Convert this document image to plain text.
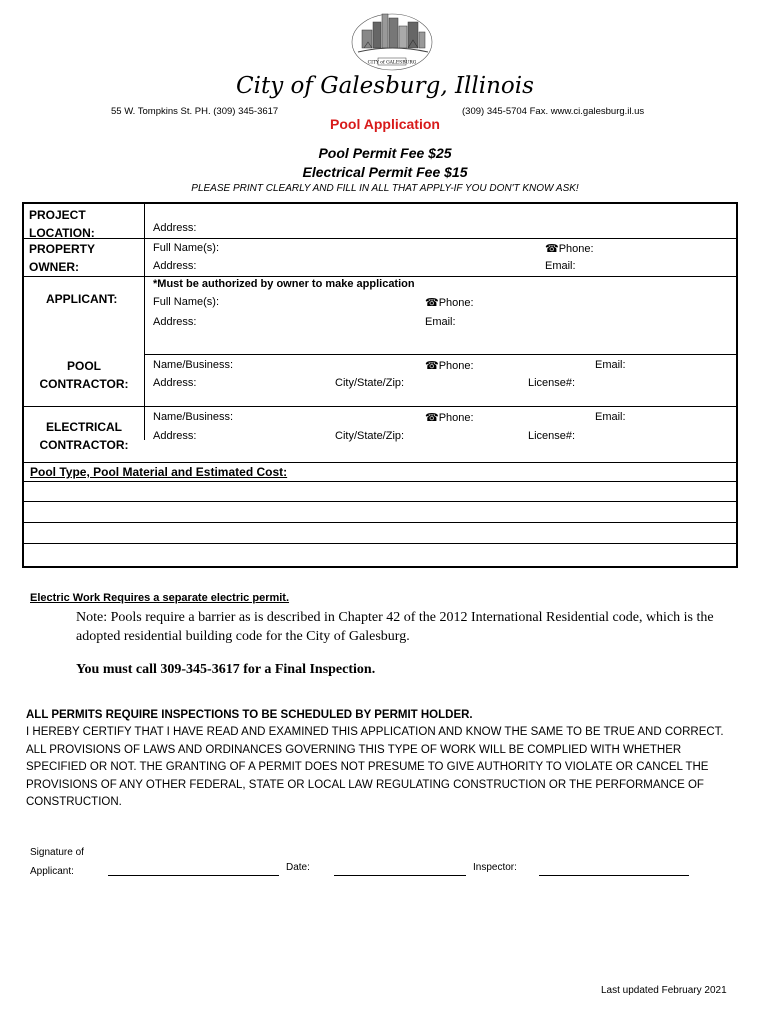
CITY of GALESBURG
City of Galesburg, Illinois
55 W. Tompkins St. PH. (309) 345-3617	(309) 345-5704 Fax. www.ci.galesburg.il.us
Pool Application
Pool Permit Fee $25
Electrical Permit Fee $15
PLEASE PRINT CLEARLY AND FILL IN ALL THAT APPLY-IF YOU DON'T KNOW ASK!
PROJECT
LOCATION:	Address:
PROPERTY
OWNER:
Full Name(s):	☎Phone:
Address:	Email:
*Must be authorized by owner to make application
APPLICANT:	Full Name(s):	☎Phone:
Address:	Email:
POOL
CONTRACTOR:
Name/Business:	☎Phone:	Email:
Address:	City/State/Zip:	License#:
ELECTRICAL
CONTRACTOR:
Name/Business:	☎Phone:	Email:
Address:	City/State/Zip:	License#:
Pool Type, Pool Material and Estimated Cost:
Electric Work Requires a separate electric permit.
Note: Pools require a barrier as is described in Chapter 42 of the 2012 International Residential code, which is the adopted residential building code for the City of Galesburg.
You must call 309-345-3617 for a Final Inspection.
ALL PERMITS REQUIRE INSPECTIONS TO BE SCHEDULED BY PERMIT HOLDER.
I HEREBY CERTIFY THAT I HAVE READ AND EXAMINED THIS APPLICATION AND KNOW THE SAME TO BE TRUE AND CORRECT. ALL PROVISIONS OF LAWS AND ORDINANCES GOVERNING THIS TYPE OF WORK WILL BE COMPLIED WITH WHETHER SPECIFIED OR NOT. THE GRANTING OF A PERMIT DOES NOT PRESUME TO GIVE AUTHORITY TO VIOLATE OR CANCEL THE PROVISIONS OF ANY OTHER FEDERAL, STATE OR LOCAL LAW REGULATING CONSTRUCTION OR THE PERFORMANCE OF CONSTRUCTION.
Signature of
Applicant:	Date:	Inspector:
Last updated February 2021
